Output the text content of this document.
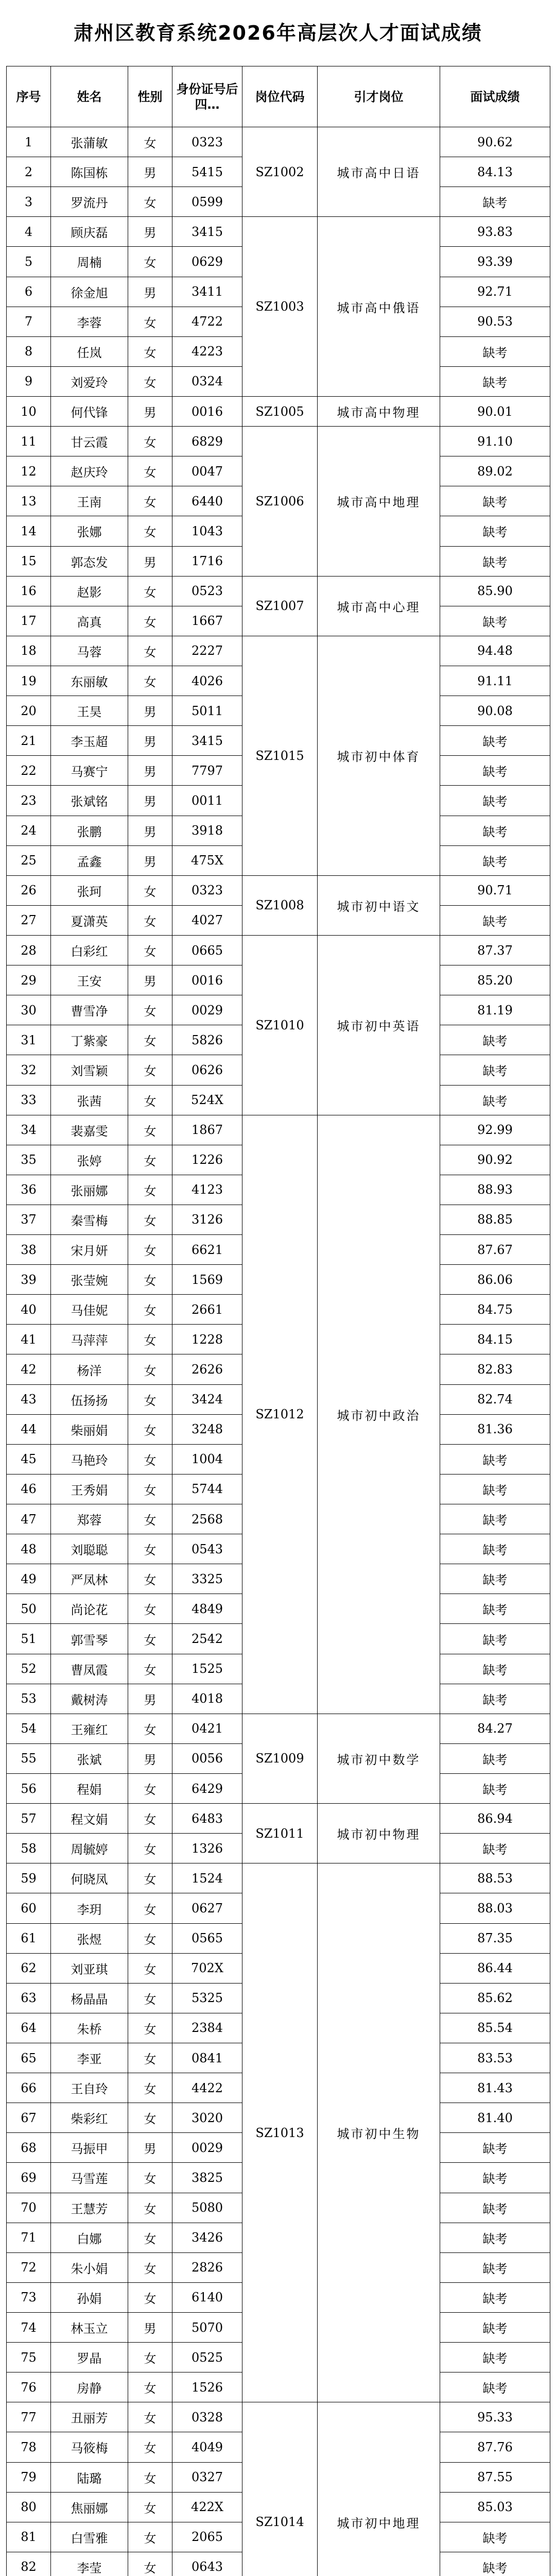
肃州区教育系统2026年高层次人才面试成绩
序号	姓名	性别	身份证号后四…	岗位代码	引才岗位	面试成绩
1	张蒲敏	女	0323	SZ1002	城市高中日语	90.62
2	陈国栋	男	5415			84.13
3	罗流丹	女	0599			缺考
4	顾庆磊	男	3415	SZ1003	城市高中俄语	93.83
5	周楠	女	0629			93.39
6	徐金旭	男	3411			92.71
7	李蓉	女	4722			90.53
8	任岚	女	4223			缺考
9	刘爱玲	女	0324			缺考
10	何代锋	男	0016	SZ1005	城市高中物理	90.01
11	甘云霞	女	6829	SZ1006	城市高中地理	91.10
12	赵庆玲	女	0047			89.02
13	王南	女	6440			缺考
14	张娜	女	1043			缺考
15	郭态发	男	1716			缺考
16	赵影	女	0523	SZ1007	城市高中心理	85.90
17	高真	女	1667			缺考
18	马蓉	女	2227	SZ1015	城市初中体育	94.48
19	东丽敏	女	4026			91.11
20	王昊	男	5011			90.08
21	李玉超	男	3415			缺考
22	马赛宁	男	7797			缺考
23	张斌铭	男	0011			缺考
24	张鹏	男	3918			缺考
25	孟鑫	男	475X			缺考
26	张珂	女	0323	SZ1008	城市初中语文	90.71
27	夏潇英	女	4027			缺考
28	白彩红	女	0665	SZ1010	城市初中英语	87.37
29	王安	男	0016			85.20
30	曹雪净	女	0029			81.19
31	丁紫豪	女	5826			缺考
32	刘雪颖	女	0626			缺考
33	张茜	女	524X			缺考
34	裴嘉雯	女	1867	SZ1012	城市初中政治	92.99
35	张婷	女	1226			90.92
36	张丽娜	女	4123			88.93
37	秦雪梅	女	3126			88.85
38	宋月妍	女	6621			87.67
39	张莹婉	女	1569			86.06
40	马佳妮	女	2661			84.75
41	马萍萍	女	1228			84.15
42	杨洋	女	2626			82.83
43	伍扬扬	女	3424			82.74
44	柴丽娟	女	3248			81.36
45	马艳玲	女	1004			缺考
46	王秀娟	女	5744			缺考
47	郑蓉	女	2568			缺考
48	刘聪聪	女	0543			缺考
49	严凤林	女	3325			缺考
50	尚论花	女	4849			缺考
51	郭雪琴	女	2542			缺考
52	曹凤霞	女	1525			缺考
53	戴树涛	男	4018			缺考
54	王雍红	女	0421	SZ1009	城市初中数学	84.27
55	张斌	男	0056			缺考
56	程娟	女	6429			缺考
57	程文娟	女	6483	SZ1011	城市初中物理	86.94
58	周毓婷	女	1326			缺考
59	何晓凤	女	1524	SZ1013	城市初中生物	88.53
60	李玥	女	0627			88.03
61	张煜	女	0565			87.35
62	刘亚琪	女	702X			86.44
63	杨晶晶	女	5325			85.62
64	朱桥	女	2384			85.54
65	李亚	女	0841			83.53
66	王自玲	女	4422			81.43
67	柴彩红	女	3020			81.40
68	马振甲	男	0029			缺考
69	马雪莲	女	3825			缺考
70	王慧芳	女	5080			缺考
71	白娜	女	3426			缺考
72	朱小娟	女	2826			缺考
73	孙娟	女	6140			缺考
74	林玉立	男	5070			缺考
75	罗晶	女	0525			缺考
76	房静	女	1526			缺考
77	丑丽芳	女	0328	SZ1014	城市初中地理	95.33
78	马筱梅	女	4049			87.76
79	陆璐	女	0327			87.55
80	焦丽娜	女	422X			85.03
81	白雪雅	女	2065			缺考
82	李莹	女	0643			缺考
